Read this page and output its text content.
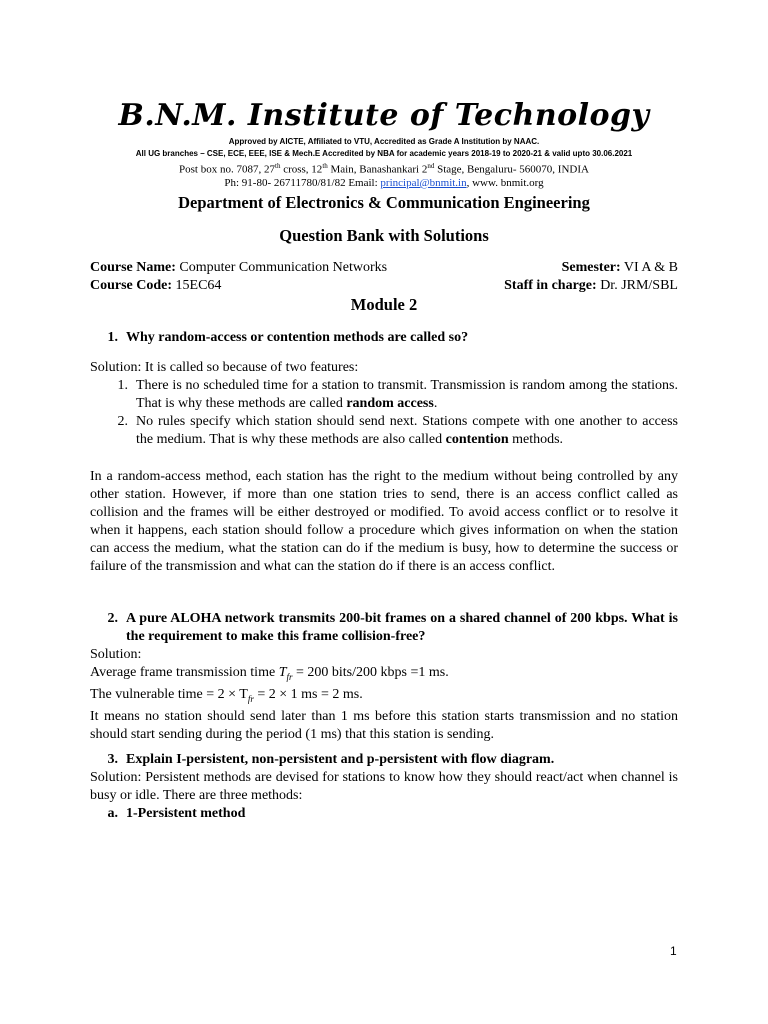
B.N.M. Institute of Technology

Approved by AICTE, Affiliated to VTU, Accredited as Grade A Institution by NAAC.

All UG branches – CSE, ECE, EEE, ISE & Mech.E Accredited by NBA for academic years 2018-19 to 2020-21 & valid upto 30.06.2021

Post box no. 7087, 27th cross, 12th Main, Banashankari 2nd Stage, Bengaluru- 560070, INDIA

Ph: 91-80- 26711780/81/82 Email: principal@bnmit.in, www. bnmit.org

Department of Electronics & Communication Engineering

Question Bank with Solutions

Course Name: Computer Communication Networks	Semester: VI A & B
Course Code: 15EC64	Staff in charge: Dr. JRM/SBL
Module 2
1. Why random-access or contention methods are called so?

Solution: It is called so because of two features:

1. There is no scheduled time for a station to transmit. Transmission is random among the stations. That is why these methods are called random access.
2. No rules specify which station should send next. Stations compete with one another to access the medium. That is why these methods are also called contention methods.

In a random-access method, each station has the right to the medium without being controlled by any other station. However, if more than one station tries to send, there is an access conflict called as collision and the frames will be either destroyed or modified. To avoid access conflict or to resolve it when it happens, each station should follow a procedure which gives information on when the station can access the medium, what the station can do if the medium is busy, how to determine the success or failure of the transmission and what can the station do if there is an access conflict.

2. A pure ALOHA network transmits 200-bit frames on a shared channel of 200 kbps. What is the requirement to make this frame collision-free?

Solution:

Average frame transmission time $T_{fr} = 200$ bits/200 kbps =1 ms.

The vulnerable time = $2 \times T_{fr} = 2 \times 1$ ms = 2 ms.

It means no station should send later than 1 ms before this station starts transmission and no station should start sending during the period (1 ms) that this station is sending.

3. Explain I-persistent, non-persistent and p-persistent with flow diagram.

Solution: Persistent methods are devised for stations to know how they should react/act when channel is busy or idle. There are three methods:

a. 1-Persistent method
1
